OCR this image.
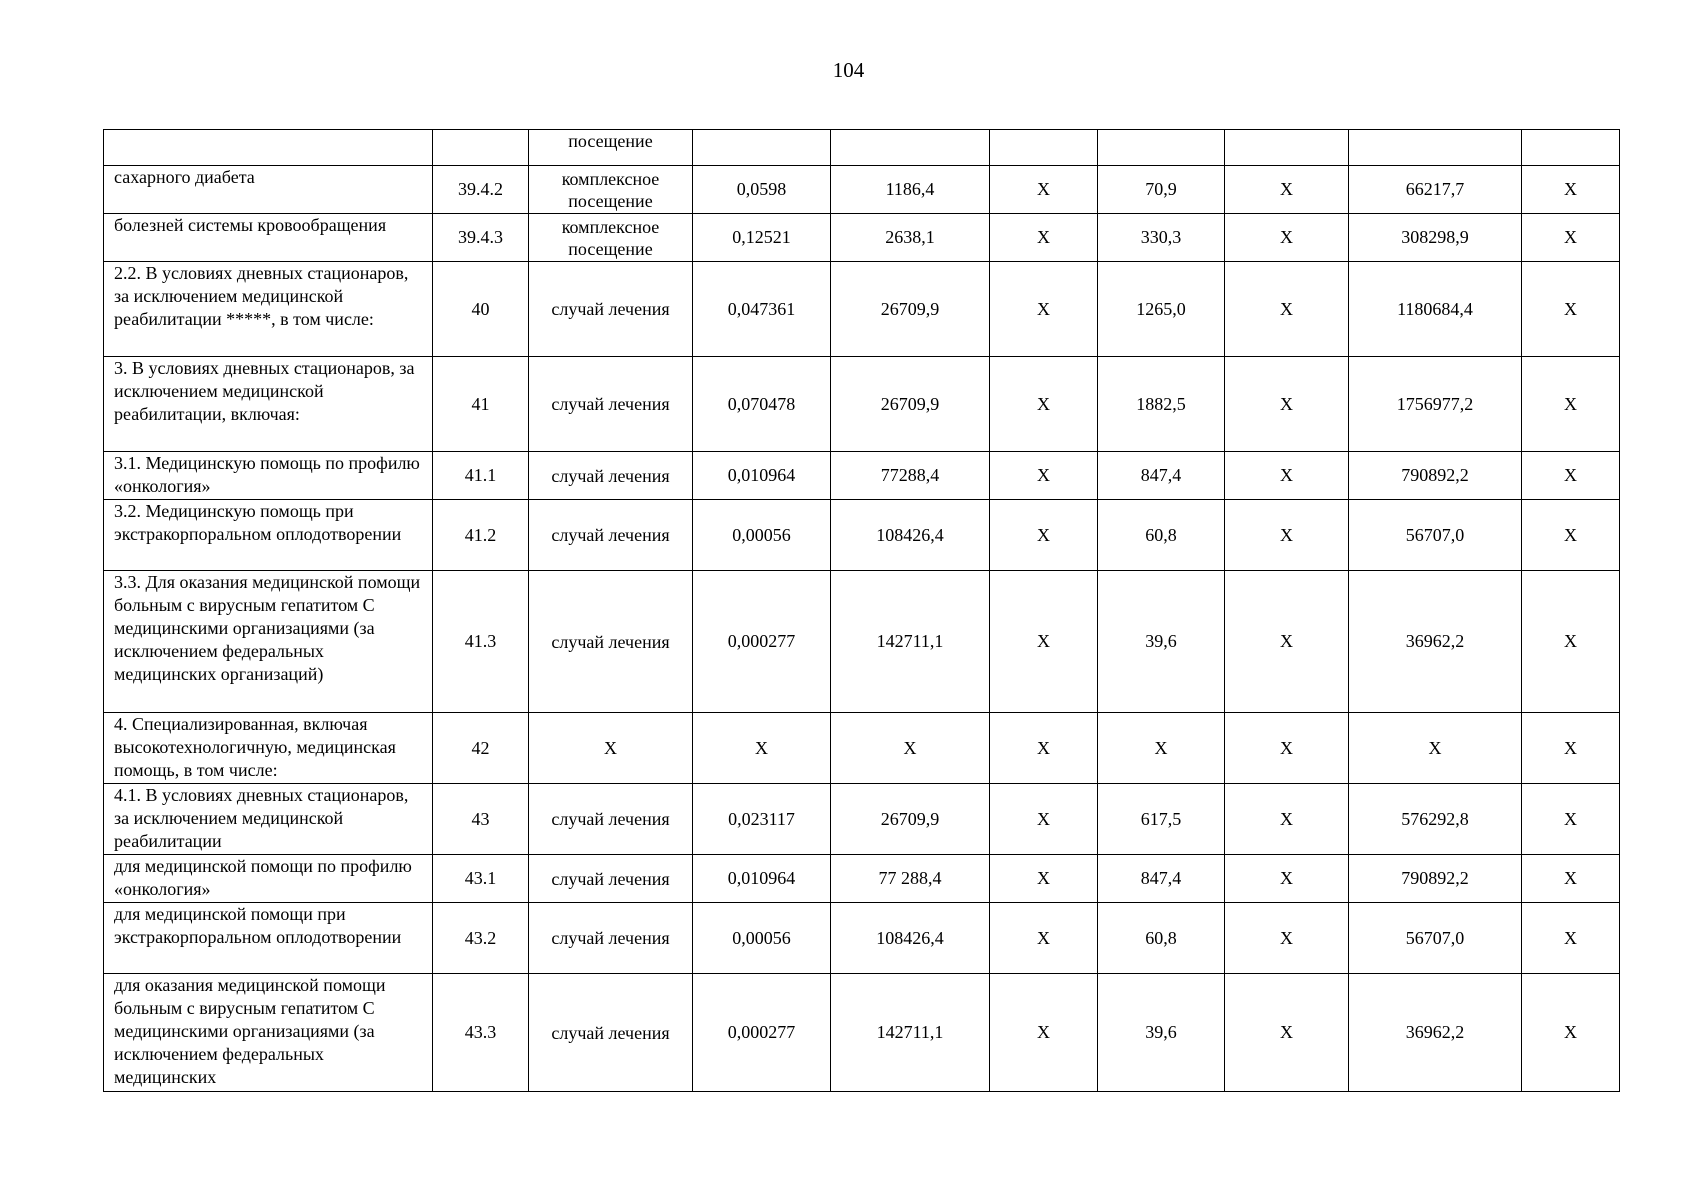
104
		посещение							
сахарного диабета	39.4.2	комплексное посещение	0,0598	1186,4	Х	70,9	Х	66217,7	Х
болезней системы кровообращения	39.4.3	комплексное посещение	0,12521	2638,1	Х	330,3	Х	308298,9	Х
2.2. В условиях дневных стационаров, за исключением медицинской реабилитации *****, в том числе:	40	случай лечения	0,047361	26709,9	Х	1265,0	Х	1180684,4	Х
3. В условиях дневных стационаров, за исключением медицинской реабилитации, включая:	41	случай лечения	0,070478	26709,9	Х	1882,5	Х	1756977,2	Х
3.1. Медицинскую помощь по профилю «онкология»	41.1	случай лечения	0,010964	77288,4	Х	847,4	Х	790892,2	Х
3.2. Медицинскую помощь при экстракорпоральном оплодотворении	41.2	случай лечения	0,00056	108426,4	Х	60,8	Х	56707,0	Х
3.3. Для оказания медицинской помощи больным с вирусным гепатитом С медицинскими организациями (за исключением федеральных медицинских организаций)	41.3	случай лечения	0,000277	142711,1	Х	39,6	Х	36962,2	Х
4. Специализированная, включая высокотехнологичную, медицинская помощь, в том числе:	42	Х	Х	Х	Х	Х	Х	Х	Х
4.1. В условиях дневных стационаров, за исключением медицинской реабилитации	43	случай лечения	0,023117	26709,9	Х	617,5	Х	576292,8	Х
для медицинской помощи по профилю «онкология»	43.1	случай лечения	0,010964	77 288,4	Х	847,4	Х	790892,2	Х
для медицинской помощи при экстракорпоральном оплодотворении	43.2	случай лечения	0,00056	108426,4	Х	60,8	Х	56707,0	Х
для оказания медицинской помощи больным с вирусным гепатитом С медицинскими организациями (за исключением федеральных медицинских	43.3	случай лечения	0,000277	142711,1	Х	39,6	Х	36962,2	Х
